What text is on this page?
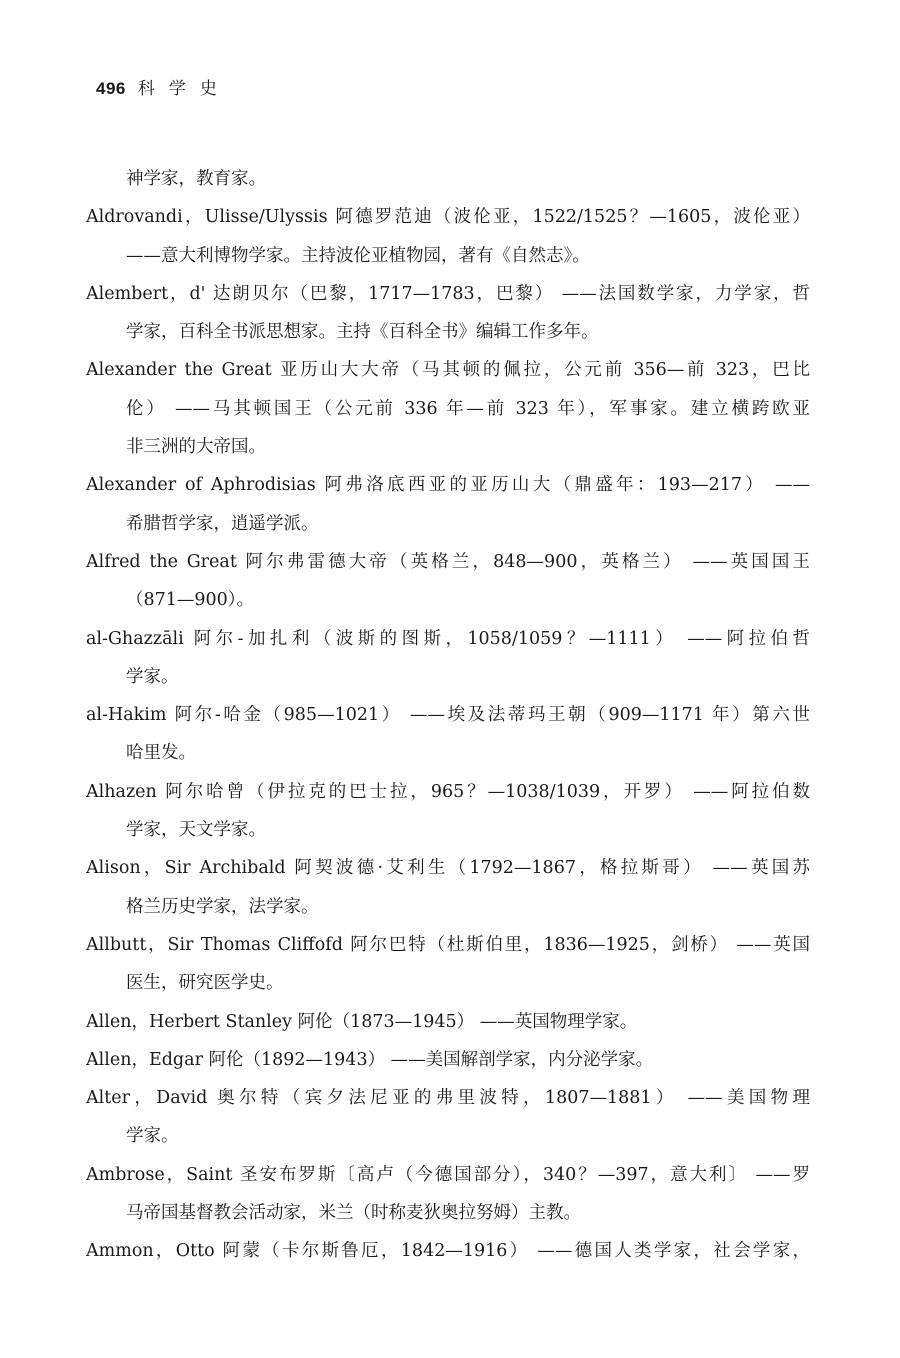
496 科学史
神学家，教育家。
Aldrovandi，Ulisse/Ulyssis 阿德罗范迪（波伦亚，1522/1525？—1605，波伦亚）
——意大利博物学家。主持波伦亚植物园，著有《自然志》。
Alembert，d' 达朗贝尔（巴黎，1717—1783，巴黎） ——法国数学家，力学家，哲
学家，百科全书派思想家。主持《百科全书》编辑工作多年。
Alexander the Great 亚历山大大帝（马其顿的佩拉，公元前 356—前 323，巴比
伦） ——马其顿国王（公元前 336 年—前 323 年），军事家。建立横跨欧亚
非三洲的大帝国。
Alexander of Aphrodisias 阿弗洛底西亚的亚历山大（鼎盛年：193—217） ——
希腊哲学家，逍遥学派。
Alfred the Great 阿尔弗雷德大帝（英格兰，848—900，英格兰） ——英国国王
（871—900）。
al-Ghazzāli 阿尔-加扎利（波斯的图斯，1058/1059？—1111） ——阿拉伯哲
学家。
al-Hakim 阿尔-哈金（985—1021） ——埃及法蒂玛王朝（909—1171 年）第六世
哈里发。
Alhazen 阿尔哈曾（伊拉克的巴士拉，965？—1038/1039，开罗） ——阿拉伯数
学家，天文学家。
Alison，Sir Archibald 阿契波德·艾利生（1792—1867，格拉斯哥） ——英国苏
格兰历史学家，法学家。
Allbutt，Sir Thomas Cliffofd 阿尔巴特（杜斯伯里，1836—1925，剑桥） ——英国
医生，研究医学史。
Allen，Herbert Stanley 阿伦（1873—1945） ——英国物理学家。
Allen，Edgar 阿伦（1892—1943） ——美国解剖学家，内分泌学家。
Alter，David 奥尔特（宾夕法尼亚的弗里波特，1807—1881） ——美国物理
学家。
Ambrose，Saint 圣安布罗斯〔高卢（今德国部分），340？—397，意大利〕 ——罗
马帝国基督教会活动家，米兰（时称麦狄奥拉努姆）主教。
Ammon，Otto 阿蒙（卡尔斯鲁厄，1842—1916） ——德国人类学家，社会学家，
